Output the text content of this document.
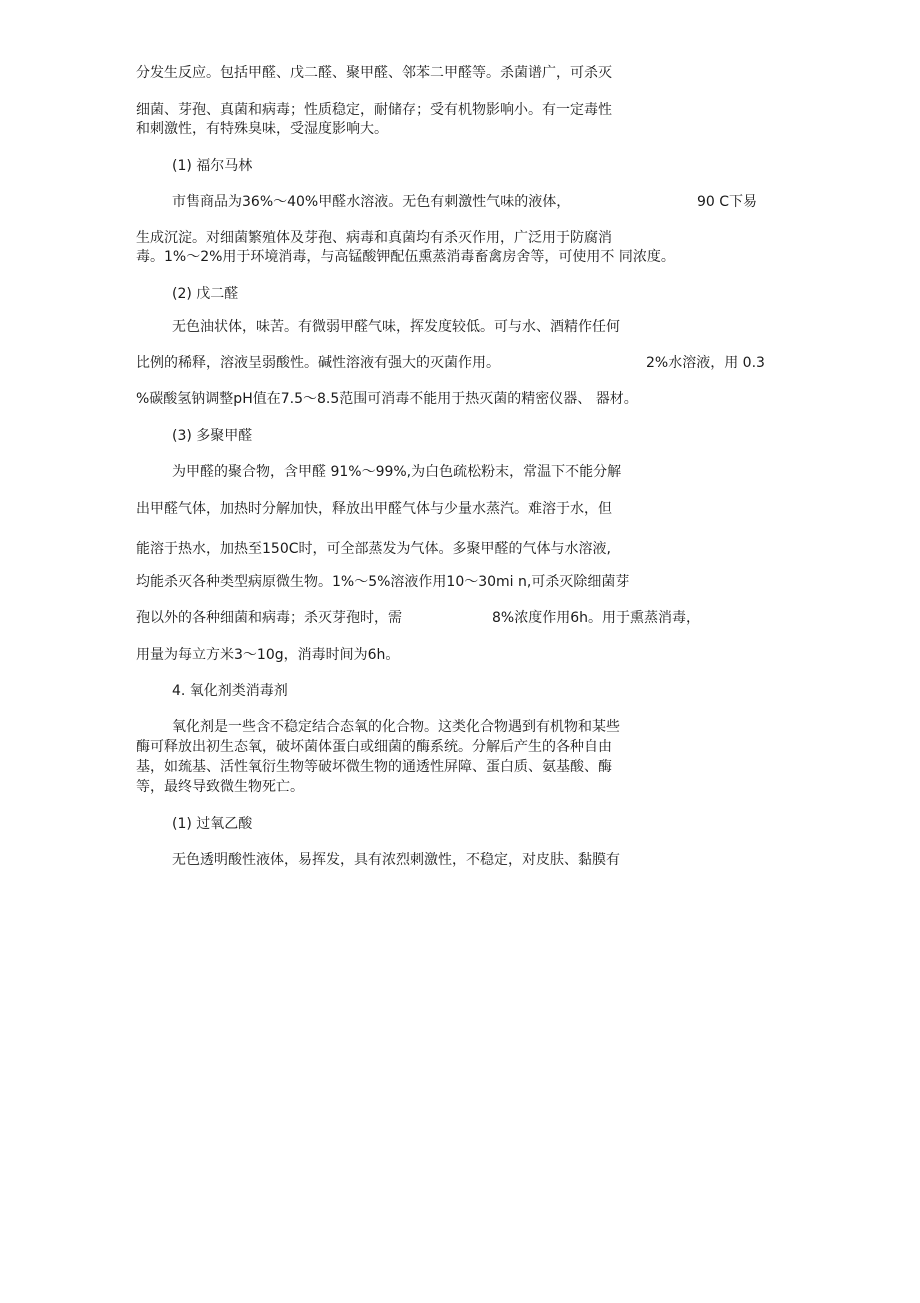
分发生反应。包括甲醛、戊二醛、聚甲醛、邻苯二甲醛等。杀菌谱广，可杀灭
细菌、芽孢、真菌和病毒；性质稳定，耐储存；受有机物影响小。有一定毒性
和刺激性，有特殊臭味，受湿度影响大。
(1) 福尔马林
市售商品为36%～40%甲醛水溶液。无色有刺激性气味的液体，	90 C下易
生成沉淀。对细菌繁殖体及芽孢、病毒和真菌均有杀灭作用，广泛用于防腐消
毒。1%～2%用于环境消毒，与高锰酸钾配伍熏蒸消毒畜禽房舍等，可使用不 同浓度。
(2) 戊二醛
无色油状体，味苦。有微弱甲醛气味，挥发度较低。可与水、酒精作任何
比例的稀释，溶液呈弱酸性。碱性溶液有强大的灭菌作用。	2%水溶液，用 0.3
%碳酸氢钠调整pH值在7.5～8.5范围可消毒不能用于热灭菌的精密仪器、 器材。
(3) 多聚甲醛
为甲醛的聚合物，含甲醛 91%～99%,为白色疏松粉末，常温下不能分解
出甲醛气体，加热时分解加快，释放出甲醛气体与少量水蒸汽。难溶于水，但
能溶于热水，加热至150C时，可全部蒸发为气体。多聚甲醛的气体与水溶液,
均能杀灭各种类型病原微生物。1%～5%溶液作用10～30mi n,可杀灭除细菌芽
孢以外的各种细菌和病毒；杀灭芽孢时，需	8%浓度作用6h。用于熏蒸消毒，
用量为每立方米3～10g，消毒时间为6h。
4. 氧化剂类消毒剂
氧化剂是一些含不稳定结合态氧的化合物。这类化合物遇到有机物和某些
酶可释放出初生态氧，破坏菌体蛋白或细菌的酶系统。分解后产生的各种自由
基，如巯基、活性氧衍生物等破坏微生物的通透性屏障、蛋白质、氨基酸、酶
等，最终导致微生物死亡。
(1) 过氧乙酸
无色透明酸性液体，易挥发，具有浓烈刺激性，不稳定，对皮肤、黏膜有
